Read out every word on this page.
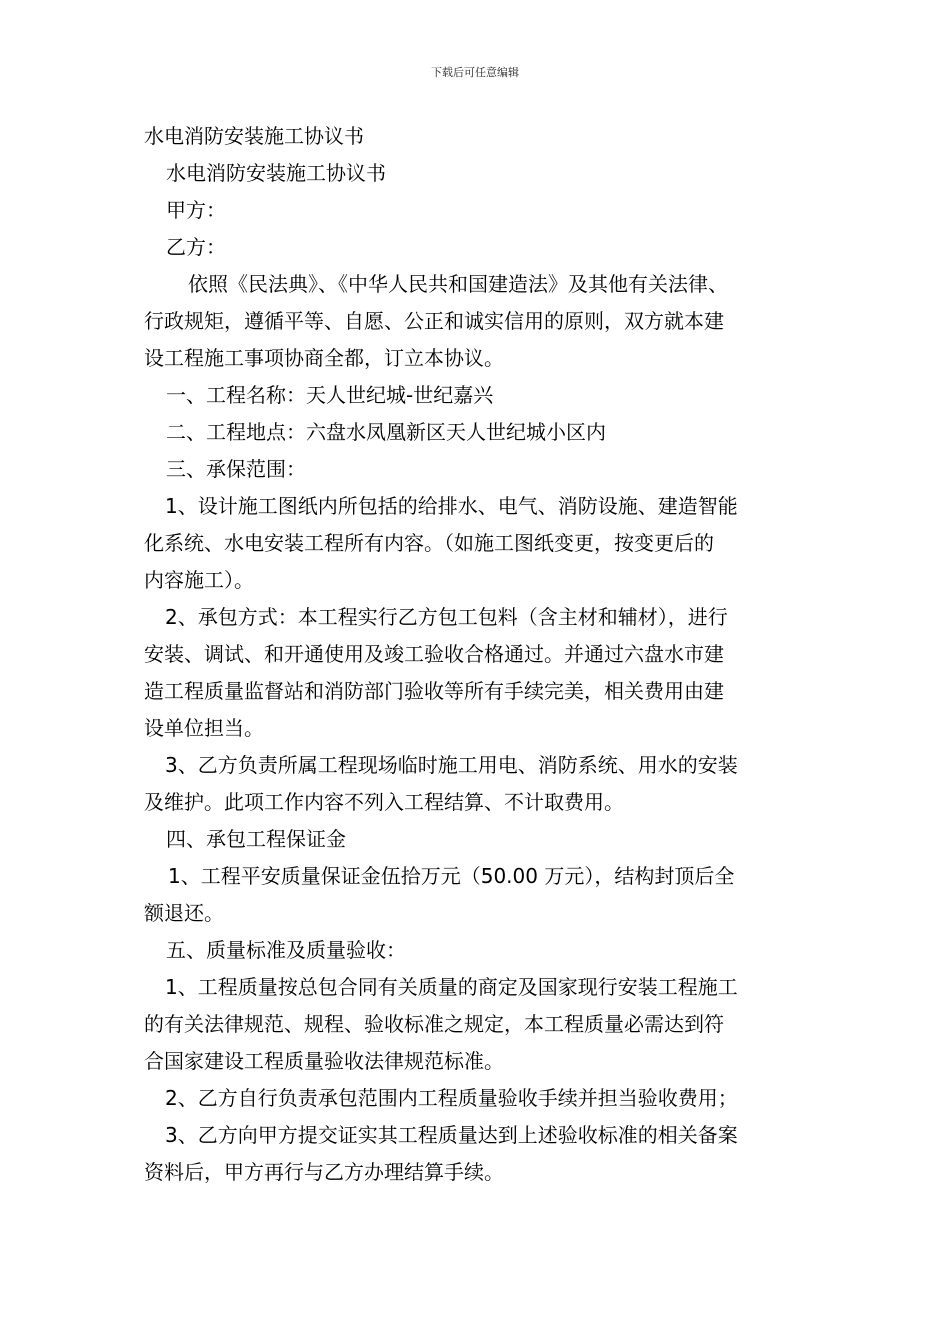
下载后可任意编辑

水电消防安装施工协议书

水电消防安装施工协议书

甲方：

乙方：

依照《民法典》、《中华人民共和国建造法》及其他有关法律、

行政规矩，遵循平等、自愿、公正和诚实信用的原则，双方就本建

设工程施工事项协商全都，订立本协议。

一、工程名称：天人世纪城-世纪嘉兴

二、工程地点：六盘水凤凰新区天人世纪城小区内

三、承保范围：

1、设计施工图纸内所包括的给排水、电气、消防设施、建造智能

化系统、水电安装工程所有内容。（如施工图纸变更，按变更后的

内容施工）。

2、承包方式：本工程实行乙方包工包料（含主材和辅材），进行

安装、调试、和开通使用及竣工验收合格通过。并通过六盘水市建

造工程质量监督站和消防部门验收等所有手续完美，相关费用由建

设单位担当。

3、乙方负责所属工程现场临时施工用电、消防系统、用水的安装

及维护。此项工作内容不列入工程结算、不计取费用。

四、承包工程保证金

1、工程平安质量保证金伍拾万元（50.00 万元），结构封顶后全

额退还。

五、质量标准及质量验收：

1、工程质量按总包合同有关质量的商定及国家现行安装工程施工

的有关法律规范、规程、验收标准之规定，本工程质量必需达到符

合国家建设工程质量验收法律规范标准。

2、乙方自行负责承包范围内工程质量验收手续并担当验收费用；

3、乙方向甲方提交证实其工程质量达到上述验收标准的相关备案

资料后，甲方再行与乙方办理结算手续。
